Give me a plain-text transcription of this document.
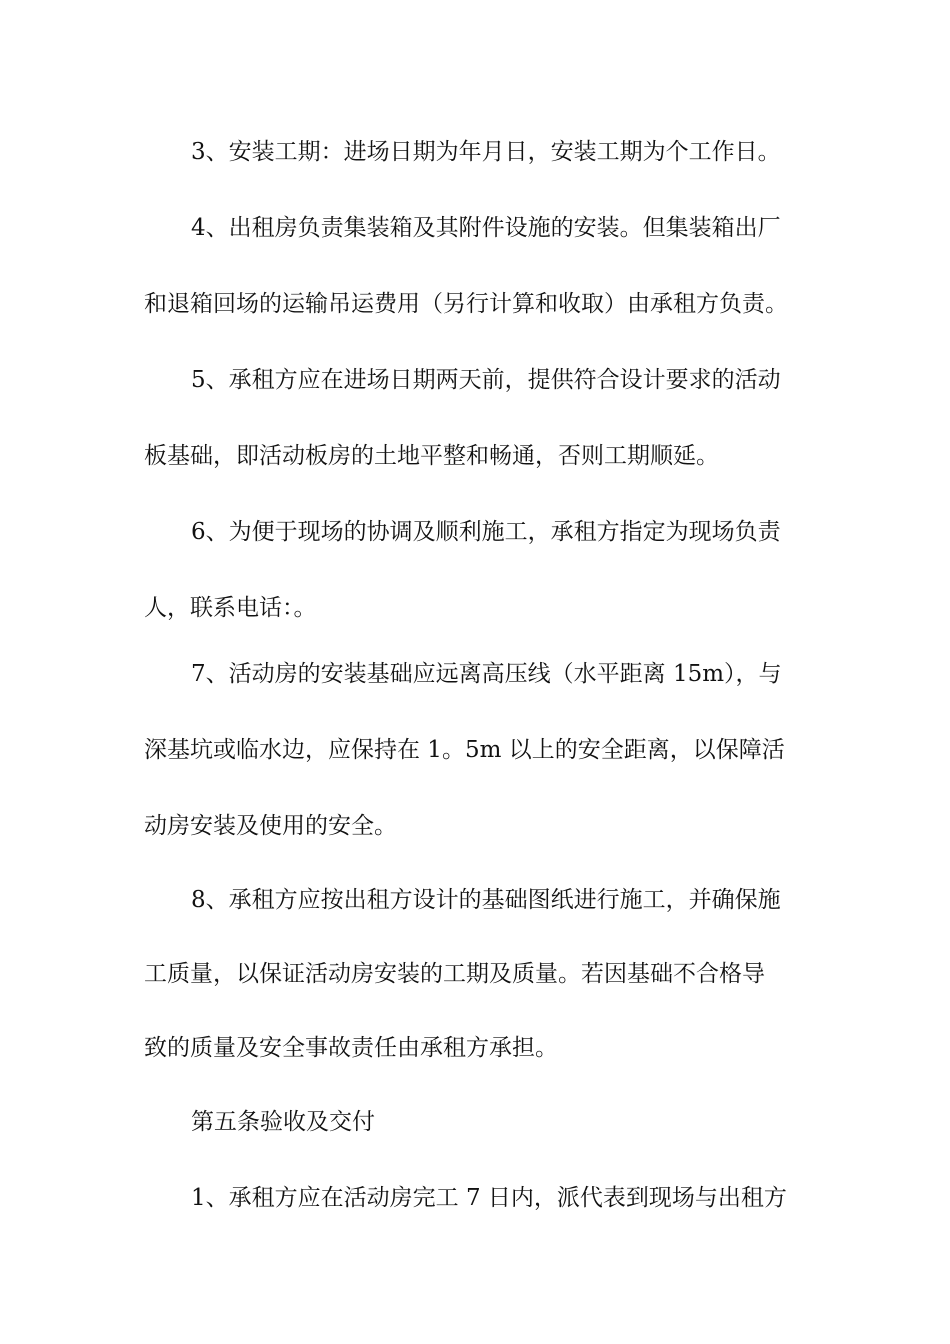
3、安装工期：进场日期为年月日，安装工期为个工作日。
4、出租房负责集装箱及其附件设施的安装。但集装箱出厂
和退箱回场的运输吊运费用（另行计算和收取）由承租方负责。
5、承租方应在进场日期两天前，提供符合设计要求的活动
板基础，即活动板房的土地平整和畅通，否则工期顺延。
6、为便于现场的协调及顺利施工，承租方指定为现场负责
人，联系电话：。
7、活动房的安装基础应远离高压线（水平距离 15m），与
深基坑或临水边，应保持在 1。5m 以上的安全距离，以保障活
动房安装及使用的安全。
8、承租方应按出租方设计的基础图纸进行施工，并确保施
工质量，以保证活动房安装的工期及质量。若因基础不合格导
致的质量及安全事故责任由承租方承担。
第五条验收及交付
1、承租方应在活动房完工 7 日内，派代表到现场与出租方
